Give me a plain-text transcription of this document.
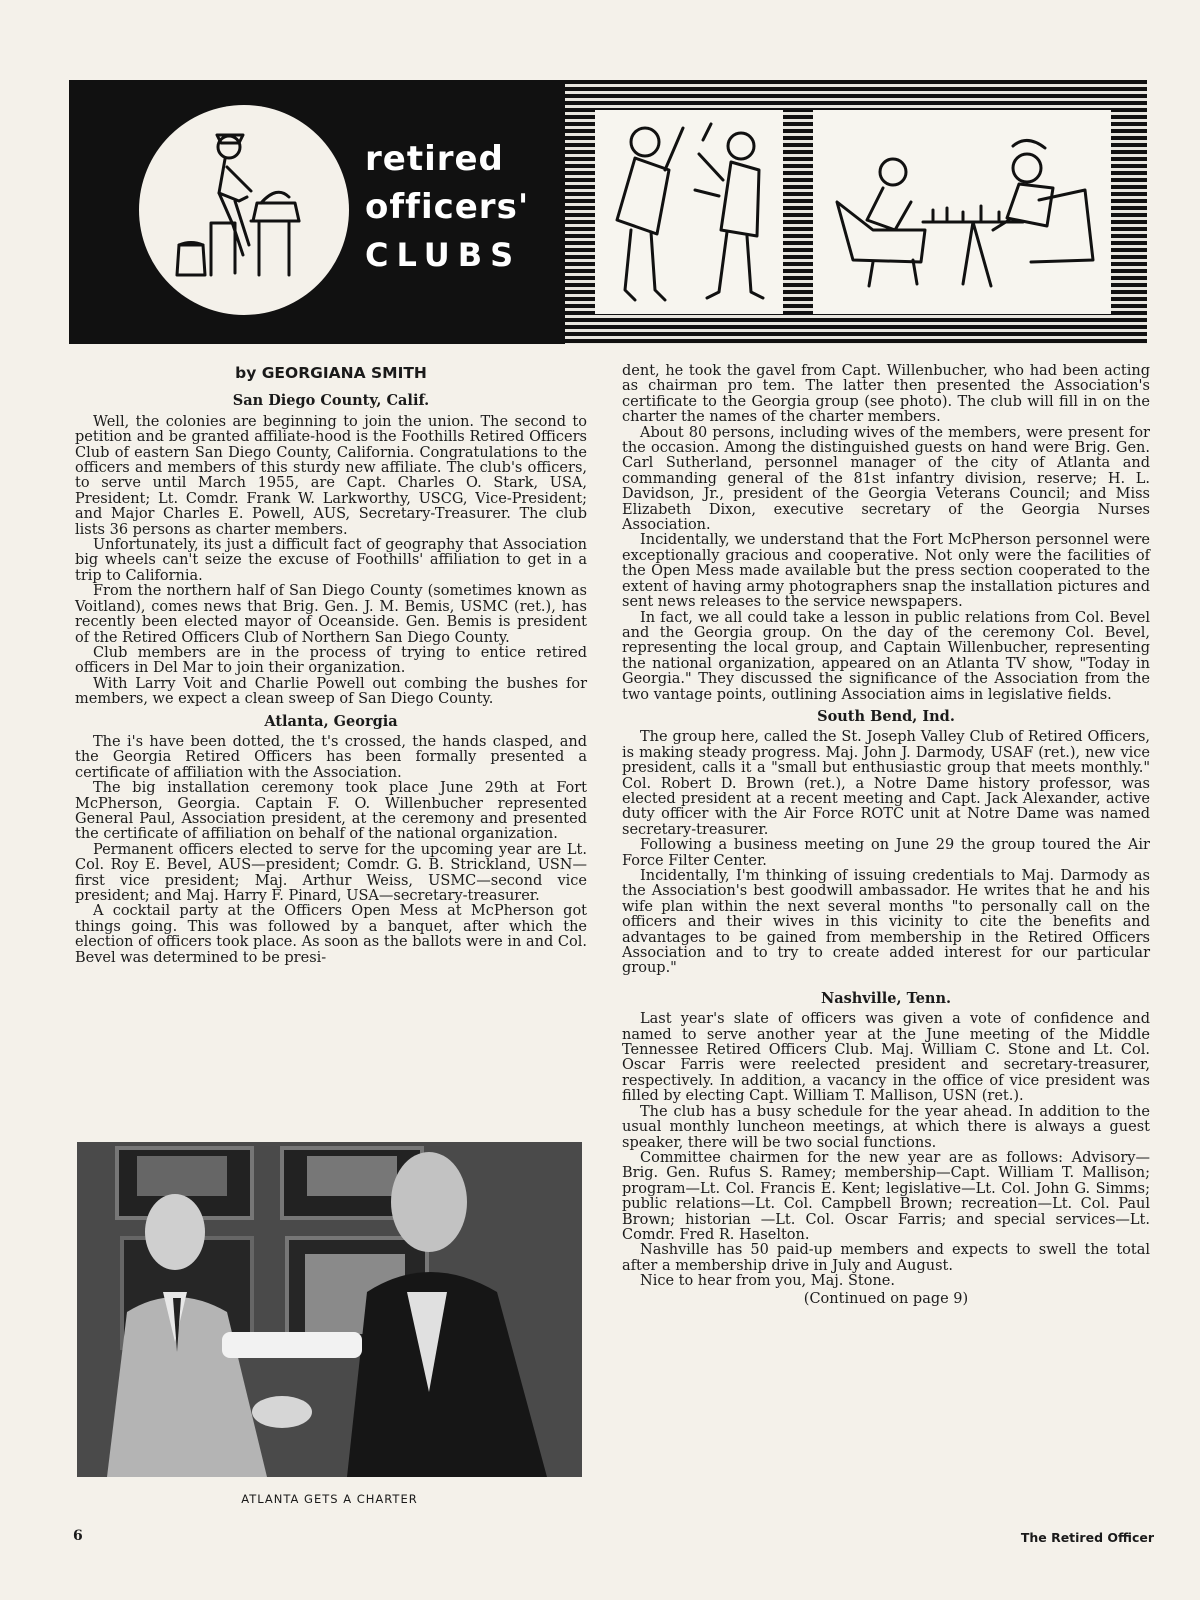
retired
officers'
CLUBS
by GEORGIANA SMITH
San Diego County, Calif.

Well, the colonies are beginning to join the union. The second to petition and be granted affiliate-hood is the Foothills Retired Officers Club of eastern San Diego County, California. Congratulations to the officers and members of this sturdy new affiliate. The club's officers, to serve until March 1955, are Capt. Charles O. Stark, USA, President; Lt. Comdr. Frank W. Larkworthy, USCG, Vice-President; and Major Charles E. Powell, AUS, Secretary-Treasurer. The club lists 36 persons as charter members.

Unfortunately, its just a difficult fact of geography that Association big wheels can't seize the excuse of Foothills' affiliation to get in a trip to California.

From the northern half of San Diego County (sometimes known as Voitland), comes news that Brig. Gen. J. M. Bemis, USMC (ret.), has recently been elected mayor of Oceanside. Gen. Bemis is president of the Retired Officers Club of Northern San Diego County.

Club members are in the process of trying to entice retired officers in Del Mar to join their organization.

With Larry Voit and Charlie Powell out combing the bushes for members, we expect a clean sweep of San Diego County.

Atlanta, Georgia

The i's have been dotted, the t's crossed, the hands clasped, and the Georgia Retired Officers has been formally presented a certificate of affiliation with the Association.

The big installation ceremony took place June 29th at Fort McPherson, Georgia. Captain F. O. Willenbucher represented General Paul, Association president, at the ceremony and presented the certificate of affiliation on behalf of the national organization.

Permanent officers elected to serve for the upcoming year are Lt. Col. Roy E. Bevel, AUS—president; Comdr. G. B. Strickland, USN—first vice president; Maj. Arthur Weiss, USMC—second vice president; and Maj. Harry F. Pinard, USA—secretary-treasurer.

A cocktail party at the Officers Open Mess at McPherson got things going. This was followed by a banquet, after which the election of officers took place. As soon as the ballots were in and Col. Bevel was determined to be presi-

ATLANTA GETS A CHARTER

dent, he took the gavel from Capt. Willenbucher, who had been acting as chairman pro tem. The latter then presented the Association's certificate to the Georgia group (see photo). The club will fill in on the charter the names of the charter members.

About 80 persons, including wives of the members, were present for the occasion. Among the distinguished guests on hand were Brig. Gen. Carl Sutherland, personnel manager of the city of Atlanta and commanding general of the 81st infantry division, reserve; H. L. Davidson, Jr., president of the Georgia Veterans Council; and Miss Elizabeth Dixon, executive secretary of the Georgia Nurses Association.

Incidentally, we understand that the Fort McPherson personnel were exceptionally gracious and cooperative. Not only were the facilities of the Open Mess made available but the press section cooperated to the extent of having army photographers snap the installation pictures and sent news releases to the service newspapers.

In fact, we all could take a lesson in public relations from Col. Bevel and the Georgia group. On the day of the ceremony Col. Bevel, representing the local group, and Captain Willenbucher, representing the national organization, appeared on an Atlanta TV show, "Today in Georgia." They discussed the significance of the Association from the two vantage points, outlining Association aims in legislative fields.

South Bend, Ind.

The group here, called the St. Joseph Valley Club of Retired Officers, is making steady progress. Maj. John J. Darmody, USAF (ret.), new vice president, calls it a "small but enthusiastic group that meets monthly." Col. Robert D. Brown (ret.), a Notre Dame history professor, was elected president at a recent meeting and Capt. Jack Alexander, active duty officer with the Air Force ROTC unit at Notre Dame was named secretary-treasurer.

Following a business meeting on June 29 the group toured the Air Force Filter Center.

Incidentally, I'm thinking of issuing credentials to Maj. Darmody as the Association's best goodwill ambassador. He writes that he and his wife plan within the next several months "to personally call on the officers and their wives in this vicinity to cite the benefits and advantages to be gained from membership in the Retired Officers Association and to try to create added interest for our particular group."

Nashville, Tenn.

Last year's slate of officers was given a vote of confidence and named to serve another year at the June meeting of the Middle Tennessee Retired Officers Club. Maj. William C. Stone and Lt. Col. Oscar Farris were reelected president and secretary-treasurer, respectively. In addition, a vacancy in the office of vice president was filled by electing Capt. William T. Mallison, USN (ret.).

The club has a busy schedule for the year ahead. In addition to the usual monthly luncheon meetings, at which there is always a guest speaker, there will be two social functions.

Committee chairmen for the new year are as follows: Advisory—Brig. Gen. Rufus S. Ramey; membership—Capt. William T. Mallison; program—Lt. Col. Francis E. Kent; legislative—Lt. Col. John G. Simms; public relations—Lt. Col. Campbell Brown; recreation—Lt. Col. Paul Brown; historian —Lt. Col. Oscar Farris; and special services—Lt. Comdr. Fred R. Haselton.

Nashville has 50 paid-up members and expects to swell the total after a membership drive in July and August.

Nice to hear from you, Maj. Stone.

(Continued on page 9)
6	The Retired Officer
